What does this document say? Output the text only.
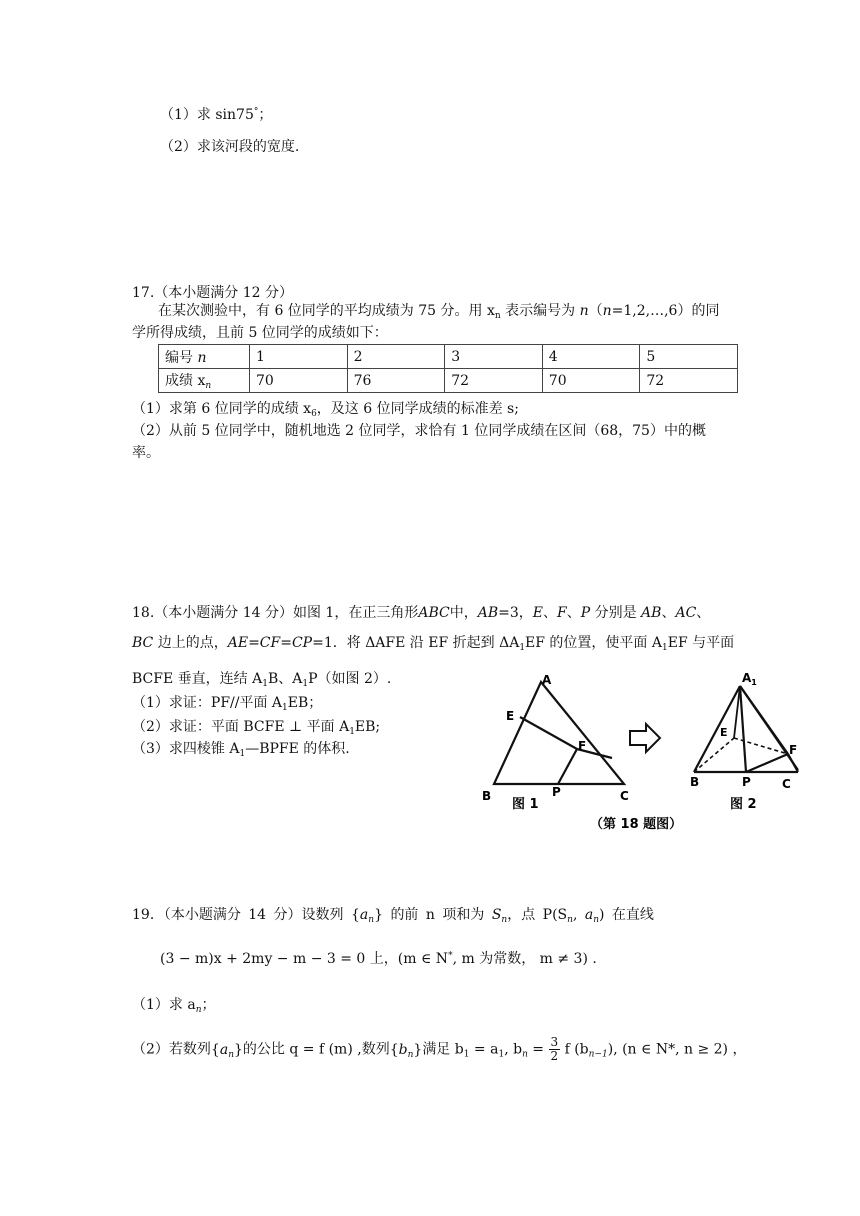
（1）求 sin75°；
（2）求该河段的宽度.
17.（本小题满分 12 分）
在某次测验中，有 6 位同学的平均成绩为 75 分。用 $x_n$ 表示编号为 n（n=1,2,…,6）的同
学所得成绩，且前 5 位同学的成绩如下：
编号 n	1	2	3	4	5
成绩 $x_n$	70	76	72	70	72
（1）求第 6 位同学的成绩 $x_6$，及这 6 位同学成绩的标准差 s;
（2）从前 5 位同学中，随机地选 2 位同学，求恰有 1 位同学成绩在区间（68，75）中的概
率。
18.（本小题满分 14 分）如图 1，在正三角形ABC中，AB=3，E、F、P 分别是 AB、AC、
BC 边上的点，AE=CF=CP=1．将 ΔAFE 沿 EF 折起到 $\Delta A_1EF$ 的位置，使平面 $A_1EF$ 与平面
BCFE 垂直，连结 $A_1B$、$A_1P$（如图 2）.
（1）求证：PF//平面 $A_1EB$；
（2）求证：平面 BCFE ⊥ 平面 $A_1EB$;
（3）求四棱锥 $A_1—BPFE$ 的体积.
A
E
F
B	P	C
图 1
$A_1$
E
F
B	P	C
图 2
（第 18 题图）
19．（本小题满分 14 分）设数列 $\{a_n\}$ 的前 n 项和为 $S_n$，点 $P(S_n$, $a_n$) 在直线
(3 − m)x + 2my − m − 3 = 0 上，(m ∈ N*, m 为常数， m ≠ 3) .
（1）求 $a_n$；
（2）若数列$\{a_n\}$的公比 q = f (m) ,数列$\{b_n\}$满足 $b_1 = a_1$, $b_n = \frac{3}{2}$ f $(b_{n-1})$, (n ∈ N*, n ≥ 2) ，
